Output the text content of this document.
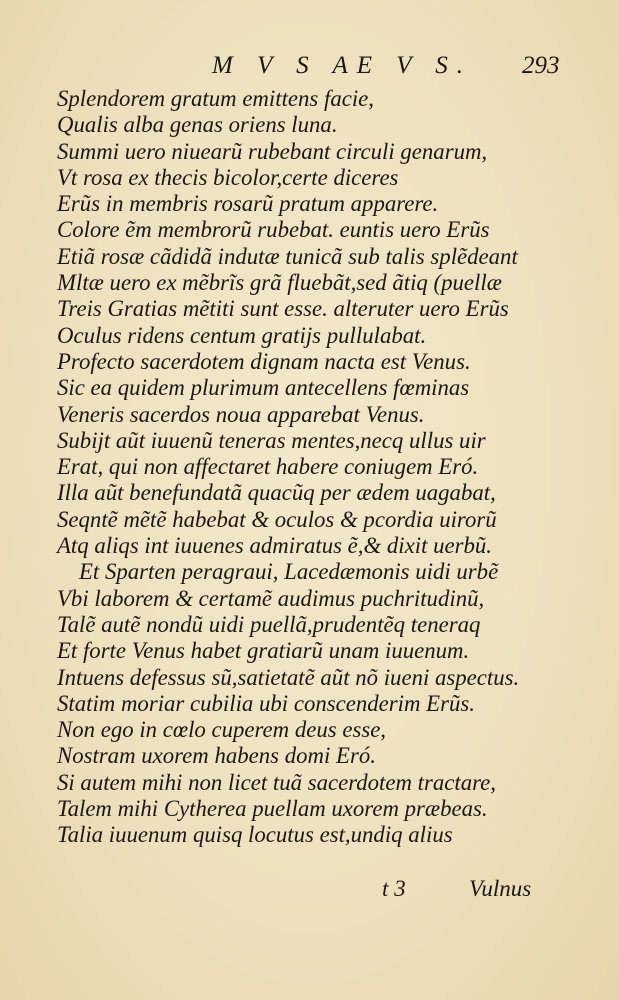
M V S AE V S. 293
Splendorem gratum emittens facie,
Qualis alba genas oriens luna.
Summi uero niuearũ rubebant circuli genarum,
Vt rosa ex thecis bicolor,certe diceres
Erũs in membris rosarũ pratum apparere.
Colore ẽm membrorũ rubebat. euntis uero Erũs
Etiã rosæ cãdidã indutæ tunicã sub talis splẽdeant
Mltæ uero ex mẽbrĩs grã fluebãt,sed ãtiq (puellæ
Treis Gratias mẽtiti sunt esse. alteruter uero Erũs
Oculus ridens centum gratijs pullulabat.
Profecto sacerdotem dignam nacta est Venus.
Sic ea quidem plurimum antecellens fœminas
Veneris sacerdos noua apparebat Venus.
Subijt aũt iuuenũ teneras mentes,necq ullus uir
Erat, qui non affectaret habere coniugem Eró.
Illa aũt benefundatã quacũq per ædem uagabat,
Seqntẽ mẽtẽ habebat & oculos & pcordia uirorũ
Atq aliqs int iuuenes admiratus ẽ,& dixit uerbũ.
Et Sparten peragraui, Lacedæmonis uidi urbẽ
Vbi laborem & certamẽ audimus puchritudinũ,
Talẽ autẽ nondũ uidi puellã,prudentẽq teneraq
Et forte Venus habet gratiarũ unam iuuenum.
Intuens defessus sũ,satietatẽ aũt nõ iueni aspectus.
Statim moriar cubilia ubi conscenderim Erũs.
Non ego in cœlo cuperem deus esse,
Nostram uxorem habens domi Eró.
Si autem mihi non licet tuã sacerdotem tractare,
Talem mihi Cytherea puellam uxorem præbeas.
Talia iuuenum quisq locutus est,undiq alius
t 3	Vulnus
